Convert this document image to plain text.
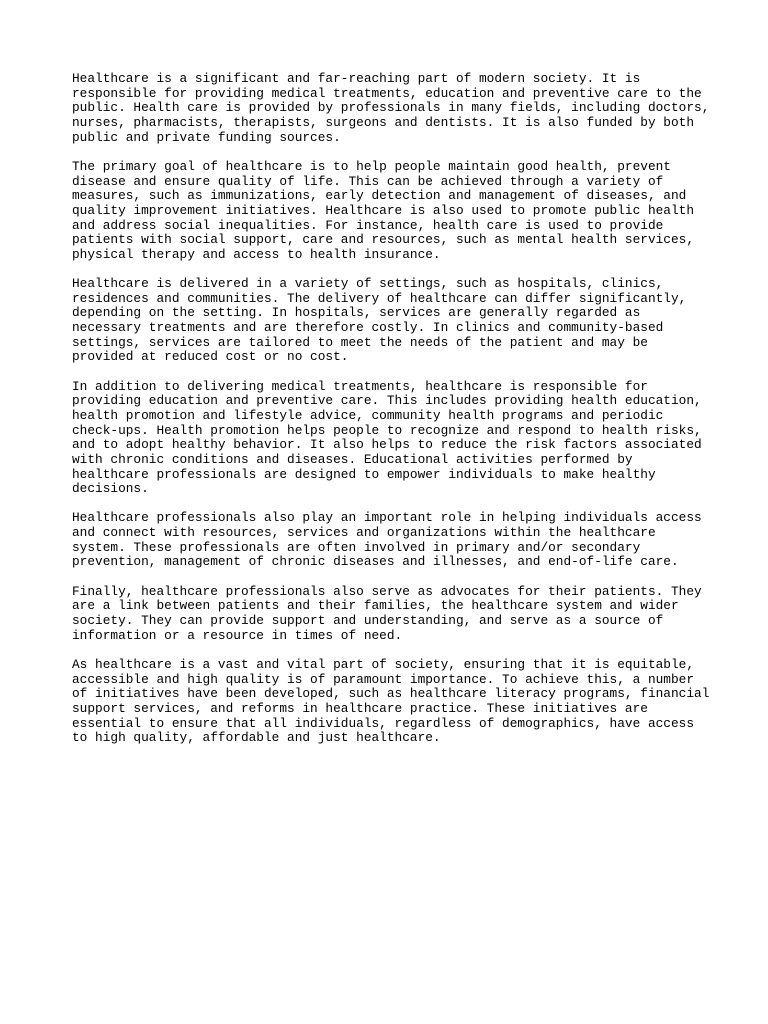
Healthcare is a significant and far-reaching part of modern society. It is
responsible for providing medical treatments, education and preventive care to the
public. Health care is provided by professionals in many fields, including doctors,
nurses, pharmacists, therapists, surgeons and dentists. It is also funded by both
public and private funding sources.

The primary goal of healthcare is to help people maintain good health, prevent
disease and ensure quality of life. This can be achieved through a variety of
measures, such as immunizations, early detection and management of diseases, and
quality improvement initiatives. Healthcare is also used to promote public health
and address social inequalities. For instance, health care is used to provide
patients with social support, care and resources, such as mental health services,
physical therapy and access to health insurance.

Healthcare is delivered in a variety of settings, such as hospitals, clinics,
residences and communities. The delivery of healthcare can differ significantly,
depending on the setting. In hospitals, services are generally regarded as
necessary treatments and are therefore costly. In clinics and community-based
settings, services are tailored to meet the needs of the patient and may be
provided at reduced cost or no cost.

In addition to delivering medical treatments, healthcare is responsible for
providing education and preventive care. This includes providing health education,
health promotion and lifestyle advice, community health programs and periodic
check-ups. Health promotion helps people to recognize and respond to health risks,
and to adopt healthy behavior. It also helps to reduce the risk factors associated
with chronic conditions and diseases. Educational activities performed by
healthcare professionals are designed to empower individuals to make healthy
decisions.

Healthcare professionals also play an important role in helping individuals access
and connect with resources, services and organizations within the healthcare
system. These professionals are often involved in primary and/or secondary
prevention, management of chronic diseases and illnesses, and end-of-life care.

Finally, healthcare professionals also serve as advocates for their patients. They
are a link between patients and their families, the healthcare system and wider
society. They can provide support and understanding, and serve as a source of
information or a resource in times of need.

As healthcare is a vast and vital part of society, ensuring that it is equitable,
accessible and high quality is of paramount importance. To achieve this, a number
of initiatives have been developed, such as healthcare literacy programs, financial
support services, and reforms in healthcare practice. These initiatives are
essential to ensure that all individuals, regardless of demographics, have access
to high quality, affordable and just healthcare.
